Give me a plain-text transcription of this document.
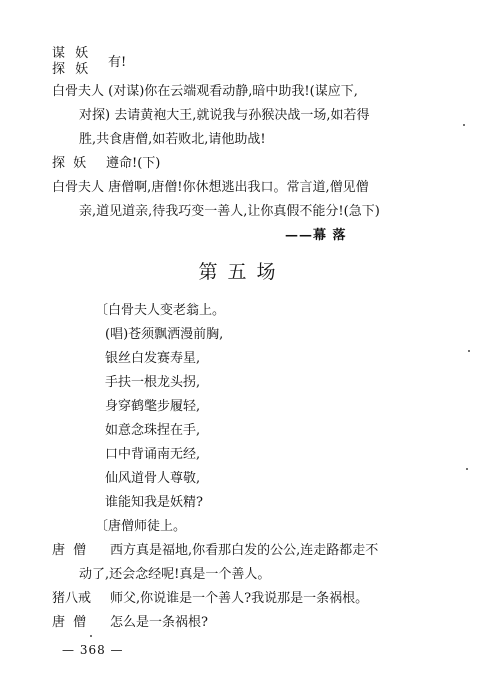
谋 妖
探 妖 有!
白骨夫人 (对谋)你在云端观看动静,暗中助我!(谋应下,
对探) 去请黄袍大王,就说我与孙猴决战一场,如若得
胜,共食唐僧,如若败北,请他助战!
探 妖 遵命!(下)
白骨夫人 唐僧啊,唐僧!你休想逃出我口。常言道,僧见僧
亲,道见道亲,待我巧变一善人,让你真假不能分!(急下)
——幕 落
第五场
〔白骨夫人变老翁上。
(唱)苍须飘洒漫前胸,
银丝白发赛寿星,
手扶一根龙头拐,
身穿鹤氅步履轻,
如意念珠捏在手,
口中背诵南无经,
仙风道骨人尊敬,
谁能知我是妖精?
〔唐僧师徒上。
唐 僧 西方真是福地,你看那白发的公公,连走路都走不
动了,还会念经呢!真是一个善人。
猪八戒 师父,你说谁是一个善人?我说那是一条祸根。
唐 僧 怎么是一条祸根?
— 368 —
